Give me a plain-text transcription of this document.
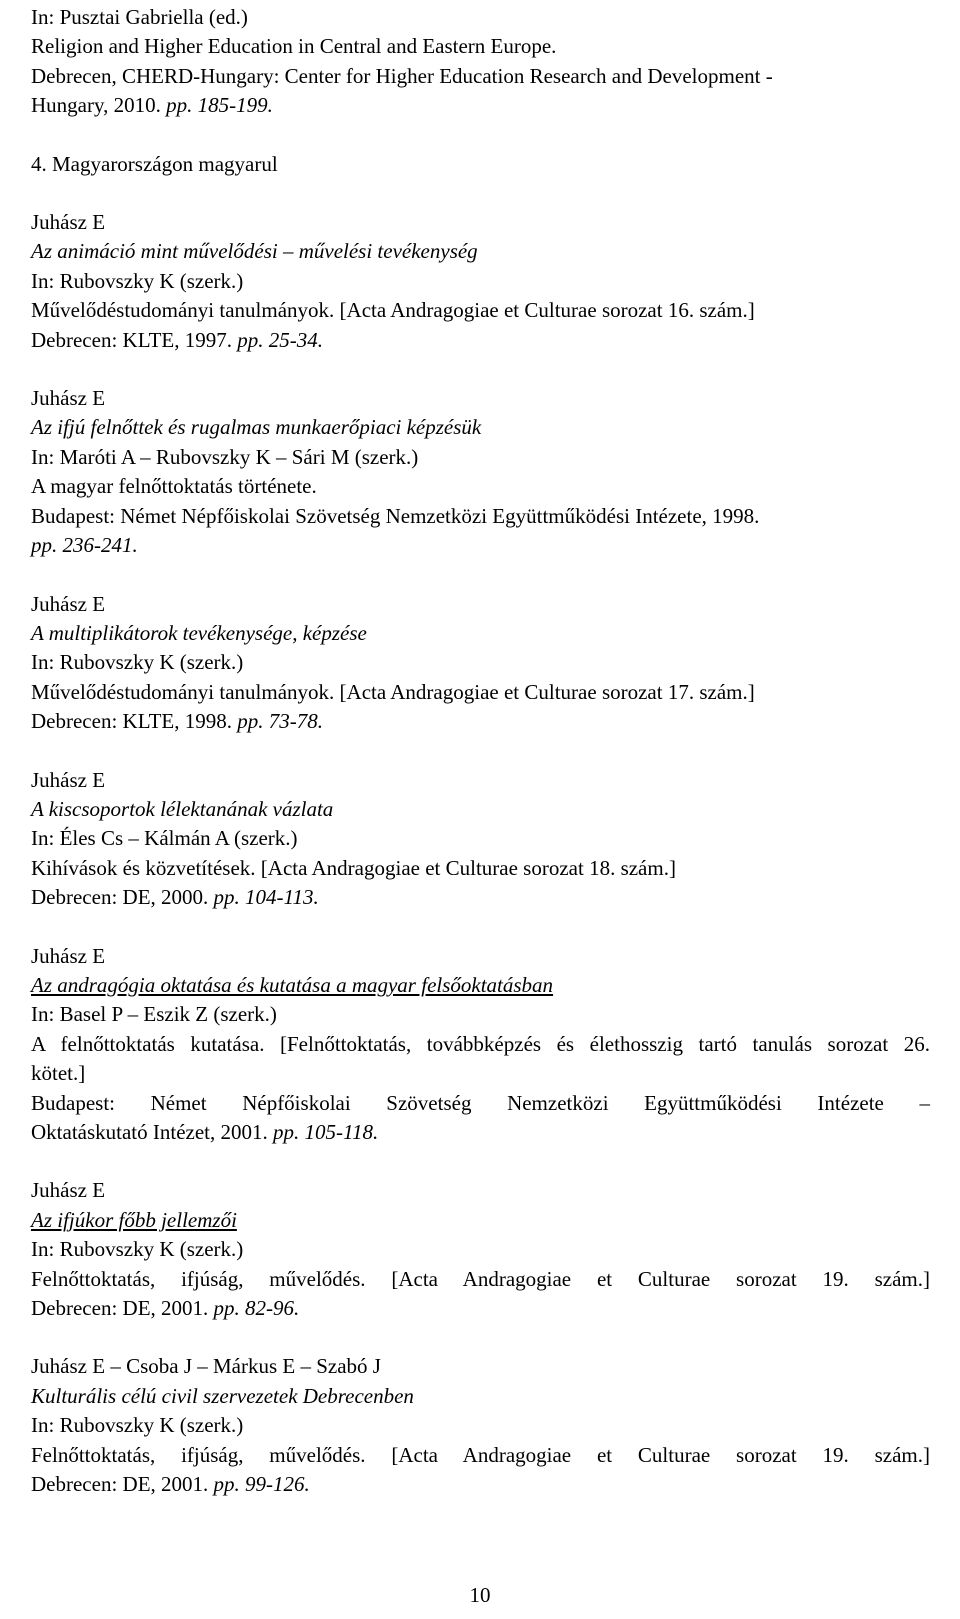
In: Pusztai Gabriella (ed.)
Religion and Higher Education in Central and Eastern Europe.
Debrecen, CHERD-Hungary: Center for Higher Education Research and Development -
Hungary, 2010. pp. 185-199.
4. Magyarországon magyarul
Juhász E
Az animáció mint művelődési – művelési tevékenység
In: Rubovszky K (szerk.)
Művelődéstudományi tanulmányok. [Acta Andragogiae et Culturae sorozat 16. szám.]
Debrecen: KLTE, 1997. pp. 25-34.
Juhász E
Az ifjú felnőttek és rugalmas munkaerőpiaci képzésük
In: Maróti A – Rubovszky K – Sári M (szerk.)
A magyar felnőttoktatás története.
Budapest: Német Népfőiskolai Szövetség Nemzetközi Együttműködési Intézete, 1998.
pp. 236-241.
Juhász E
A multiplikátorok tevékenysége, képzése
In: Rubovszky K (szerk.)
Művelődéstudományi tanulmányok. [Acta Andragogiae et Culturae sorozat 17. szám.]
Debrecen: KLTE, 1998. pp. 73-78.
Juhász E
A kiscsoportok lélektanának vázlata
In: Éles Cs – Kálmán A (szerk.)
Kihívások és közvetítések. [Acta Andragogiae et Culturae sorozat 18. szám.]
Debrecen: DE, 2000. pp. 104-113.
Juhász E
Az andragógia oktatása és kutatása a magyar felsőoktatásban
In: Basel P – Eszik Z (szerk.)
A felnőttoktatás kutatása. [Felnőttoktatás, továbbképzés és élethosszig tartó tanulás sorozat 26.
kötet.]
Budapest: Német Népfőiskolai Szövetség Nemzetközi Együttműködési Intézete –
Oktatáskutató Intézet, 2001. pp. 105-118.
Juhász E
Az ifjúkor főbb jellemzői
In: Rubovszky K (szerk.)
Felnőttoktatás, ifjúság, művelődés. [Acta Andragogiae et Culturae sorozat 19. szám.]
Debrecen: DE, 2001. pp. 82-96.
Juhász E – Csoba J – Márkus E – Szabó J
Kulturális célú civil szervezetek Debrecenben
In: Rubovszky K (szerk.)
Felnőttoktatás, ifjúság, művelődés. [Acta Andragogiae et Culturae sorozat 19. szám.]
Debrecen: DE, 2001. pp. 99-126.
10
